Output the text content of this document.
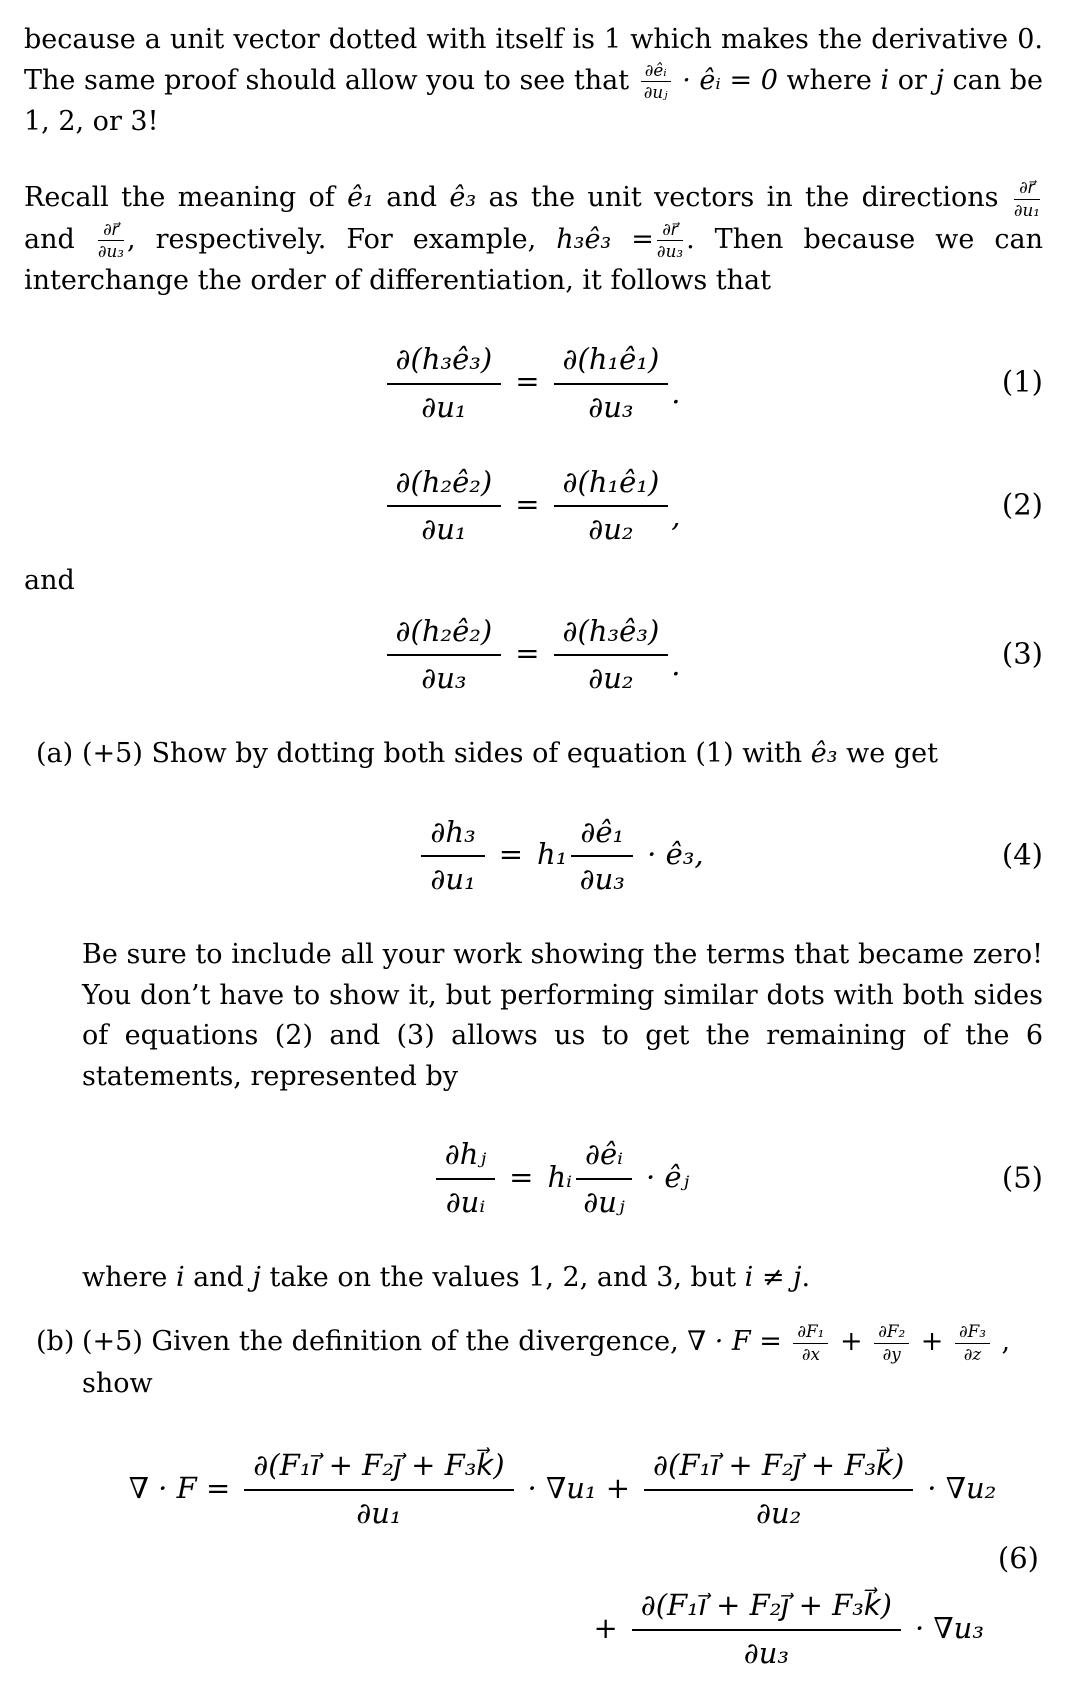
because a unit vector dotted with itself is 1 which makes the derivative 0. The same proof should allow you to see that $\frac{\text{∂êᵢ}}{\text{∂uⱼ}}$ · êᵢ = 0 where i or j can be 1, 2, or 3!

Recall the meaning of ê₁ and ê₃ as the unit vectors in the directions $\frac{\partial r⃗}{\text{∂u₁}}$
and $\frac{\partial r⃗}{\text{∂u₃}}$ , respectively. For example, h₃ê₃ = $\frac{\partial r⃗}{\text{∂u₃}}$ . Then because we can interchange the order of differentiation, it follows that

$\frac{\text{∂(h₃ê₃)}}{\text{∂u₁}} = \frac{\text{∂(h₁ê₁)}}{\text{∂u₃}}$ .	(1)
$\frac{\text{∂(h₂ê₂)}}{\text{∂u₁}} = \frac{\text{∂(h₁ê₁)}}{\text{∂u₂}}$ ,	(2)

and

$\frac{\text{∂(h₂ê₂)}}{\text{∂u₃}} = \frac{\text{∂(h₃ê₃)}}{\text{∂u₂}}$ .	(3)
(a) (+5) Show by dotting both sides of equation (1) with ê₃ we get

$\frac{\text{∂h₃}}{\text{∂u₁}} = h_1 \frac{\text{∂ê₁}}{\text{∂u₃}}$ · ê₃,	(4)

Be sure to include all your work showing the terms that became zero! You don’t have to show it, but performing similar dots with both sides of equations (2) and (3) allows us to get the remaining of the 6 statements, represented by

$\frac{\text{∂hⱼ}}{\text{∂uᵢ}}$ = hᵢ $\frac{\text{∂êᵢ}}{\text{∂uⱼ}}$ · êⱼ	(5)

where i and j take on the values 1, 2, and 3, but i ≠ j.

(b) (+5) Given the definition of the divergence, ∇ · $F = \frac{\text{∂F₁}}{\partial x} + \frac{\text{∂F₂}}{\partial y} + \frac{\text{∂F₃}}{\partial z}$ ,
show

∇ · $F = \frac{\text{∂(F₁i⃗ + F₂j⃗ + F₃k⃗)}}{\text{∂u₁}} \cdot \nabla u_1 + \frac{\text{∂(F₁i⃗ + F₂j⃗ + F₃k⃗)}}{\text{∂u₂}} \cdot \nabla u_2$
(6)
+ $\frac{\text{∂(F₁i⃗ + F₂j⃗ + F₃k⃗)}}{\text{∂u₃}} \cdot \nabla u_3$
